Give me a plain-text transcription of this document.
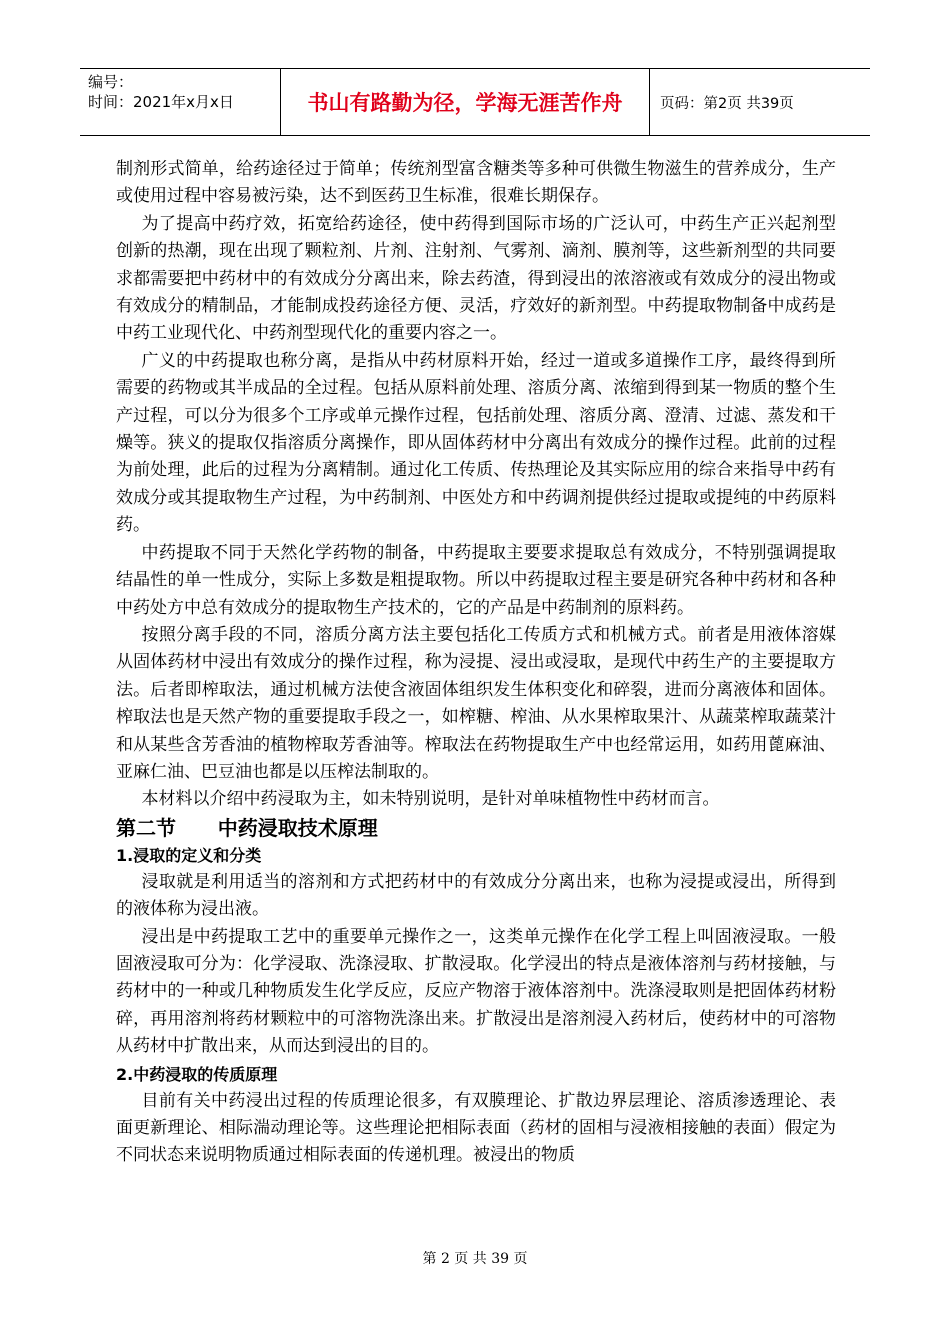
编号：
时间：2021年x月x日	书山有路勤为径，学海无涯苦作舟	页码：第2页 共39页

制剂形式简单，给药途径过于简单；传统剂型富含糖类等多种可供微生物滋生的营养成分，生产或使用过程中容易被污染，达不到医药卫生标准，很难长期保存。

为了提高中药疗效，拓宽给药途径，使中药得到国际市场的广泛认可，中药生产正兴起剂型创新的热潮，现在出现了颗粒剂、片剂、注射剂、气雾剂、滴剂、膜剂等，这些新剂型的共同要求都需要把中药材中的有效成分分离出来，除去药渣，得到浸出的浓溶液或有效成分的浸出物或有效成分的精制品，才能制成投药途径方便、灵活，疗效好的新剂型。中药提取物制备中成药是中药工业现代化、中药剂型现代化的重要内容之一。

广义的中药提取也称分离，是指从中药材原料开始，经过一道或多道操作工序，最终得到所需要的药物或其半成品的全过程。包括从原料前处理、溶质分离、浓缩到得到某一物质的整个生产过程，可以分为很多个工序或单元操作过程，包括前处理、溶质分离、澄清、过滤、蒸发和干燥等。狭义的提取仅指溶质分离操作，即从固体药材中分离出有效成分的操作过程。此前的过程为前处理，此后的过程为分离精制。通过化工传质、传热理论及其实际应用的综合来指导中药有效成分或其提取物生产过程，为中药制剂、中医处方和中药调剂提供经过提取或提纯的中药原料药。

中药提取不同于天然化学药物的制备，中药提取主要要求提取总有效成分，不特别强调提取结晶性的单一性成分，实际上多数是粗提取物。所以中药提取过程主要是研究各种中药材和各种中药处方中总有效成分的提取物生产技术的，它的产品是中药制剂的原料药。

按照分离手段的不同，溶质分离方法主要包括化工传质方式和机械方式。前者是用液体溶媒从固体药材中浸出有效成分的操作过程，称为浸提、浸出或浸取，是现代中药生产的主要提取方法。后者即榨取法，通过机械方法使含液固体组织发生体积变化和碎裂，进而分离液体和固体。榨取法也是天然产物的重要提取手段之一，如榨糖、榨油、从水果榨取果汁、从蔬菜榨取蔬菜汁和从某些含芳香油的植物榨取芳香油等。榨取法在药物提取生产中也经常运用，如药用蓖麻油、亚麻仁油、巴豆油也都是以压榨法制取的。

本材料以介绍中药浸取为主，如未特别说明，是针对单味植物性中药材而言。

第二节      中药浸取技术原理
1.浸取的定义和分类

浸取就是利用适当的溶剂和方式把药材中的有效成分分离出来，也称为浸提或浸出，所得到的液体称为浸出液。

浸出是中药提取工艺中的重要单元操作之一，这类单元操作在化学工程上叫固液浸取。一般固液浸取可分为：化学浸取、洗涤浸取、扩散浸取。化学浸出的特点是液体溶剂与药材接触，与药材中的一种或几种物质发生化学反应，反应产物溶于液体溶剂中。洗涤浸取则是把固体药材粉碎，再用溶剂将药材颗粒中的可溶物洗涤出来。扩散浸出是溶剂浸入药材后，使药材中的可溶物从药材中扩散出来，从而达到浸出的目的。

2.中药浸取的传质原理

目前有关中药浸出过程的传质理论很多，有双膜理论、扩散边界层理论、溶质渗透理论、表面更新理论、相际湍动理论等。这些理论把相际表面（药材的固相与浸液相接触的表面）假定为不同状态来说明物质通过相际表面的传递机理。被浸出的物质

第 2 页 共 39 页
